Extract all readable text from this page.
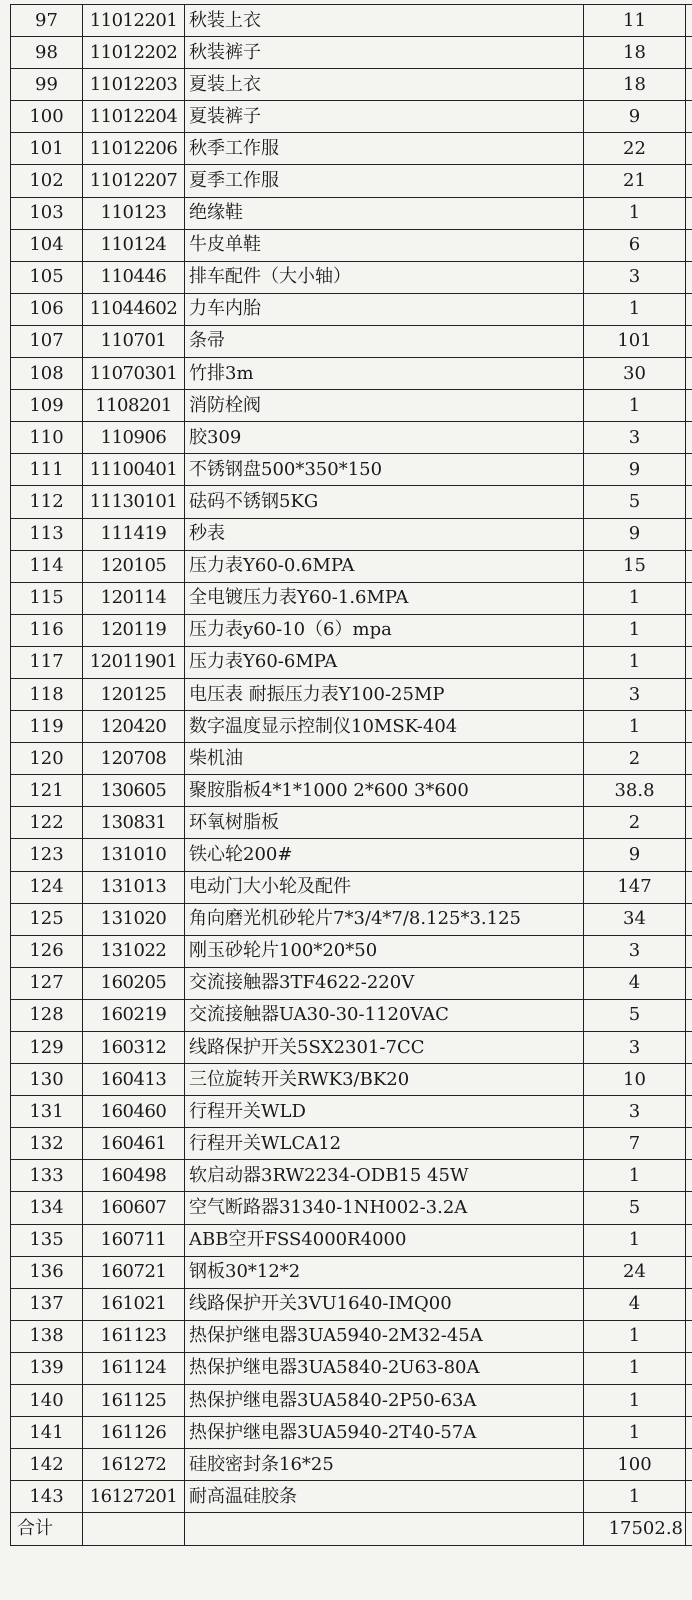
97	11012201	秋装上衣	11	
98	11012202	秋装裤子	18	
99	11012203	夏装上衣	18	
100	11012204	夏装裤子	9	
101	11012206	秋季工作服	22	
102	11012207	夏季工作服	21	
103	110123	绝缘鞋	1	
104	110124	牛皮单鞋	6	
105	110446	排车配件（大小轴）	3	
106	11044602	力车内胎	1	
107	110701	条帚	101	
108	11070301	竹排3m	30	
109	1108201	消防栓阀	1	
110	110906	胶309	3	
111	11100401	不锈钢盘500*350*150	9	
112	11130101	砝码不锈钢5KG	5	
113	111419	秒表	9	
114	120105	压力表Y60-0.6MPA	15	
115	120114	全电镀压力表Y60-1.6MPA	1	
116	120119	压力表y60-10（6）mpa	1	
117	12011901	压力表Y60-6MPA	1	
118	120125	电压表 耐振压力表Y100-25MP	3	
119	120420	数字温度显示控制仪10MSK-404	1	
120	120708	柴机油	2	
121	130605	聚胺脂板4*1*1000 2*600 3*600	38.8	
122	130831	环氧树脂板	2	
123	131010	铁心轮200#	9	
124	131013	电动门大小轮及配件	147	
125	131020	角向磨光机砂轮片7*3/4*7/8.125*3.125	34	
126	131022	刚玉砂轮片100*20*50	3	
127	160205	交流接触器3TF4622-220V	4	
128	160219	交流接触器UA30-30-1120VAC	5	
129	160312	线路保护开关5SX2301-7CC	3	
130	160413	三位旋转开关RWK3/BK20	10	
131	160460	行程开关WLD	3	
132	160461	行程开关WLCA12	7	
133	160498	软启动器3RW2234-ODB15 45W	1	
134	160607	空气断路器31340-1NH002-3.2A	5	
135	160711	ABB空开FSS4000R4000	1	
136	160721	钢板30*12*2	24	
137	161021	线路保护开关3VU1640-IMQ00	4	
138	161123	热保护继电器3UA5940-2M32-45A	1	
139	161124	热保护继电器3UA5840-2U63-80A	1	
140	161125	热保护继电器3UA5840-2P50-63A	1	
141	161126	热保护继电器3UA5940-2T40-57A	1	
142	161272	硅胶密封条16*25	100	
143	16127201	耐高温硅胶条	1	
合计			17502.8	
